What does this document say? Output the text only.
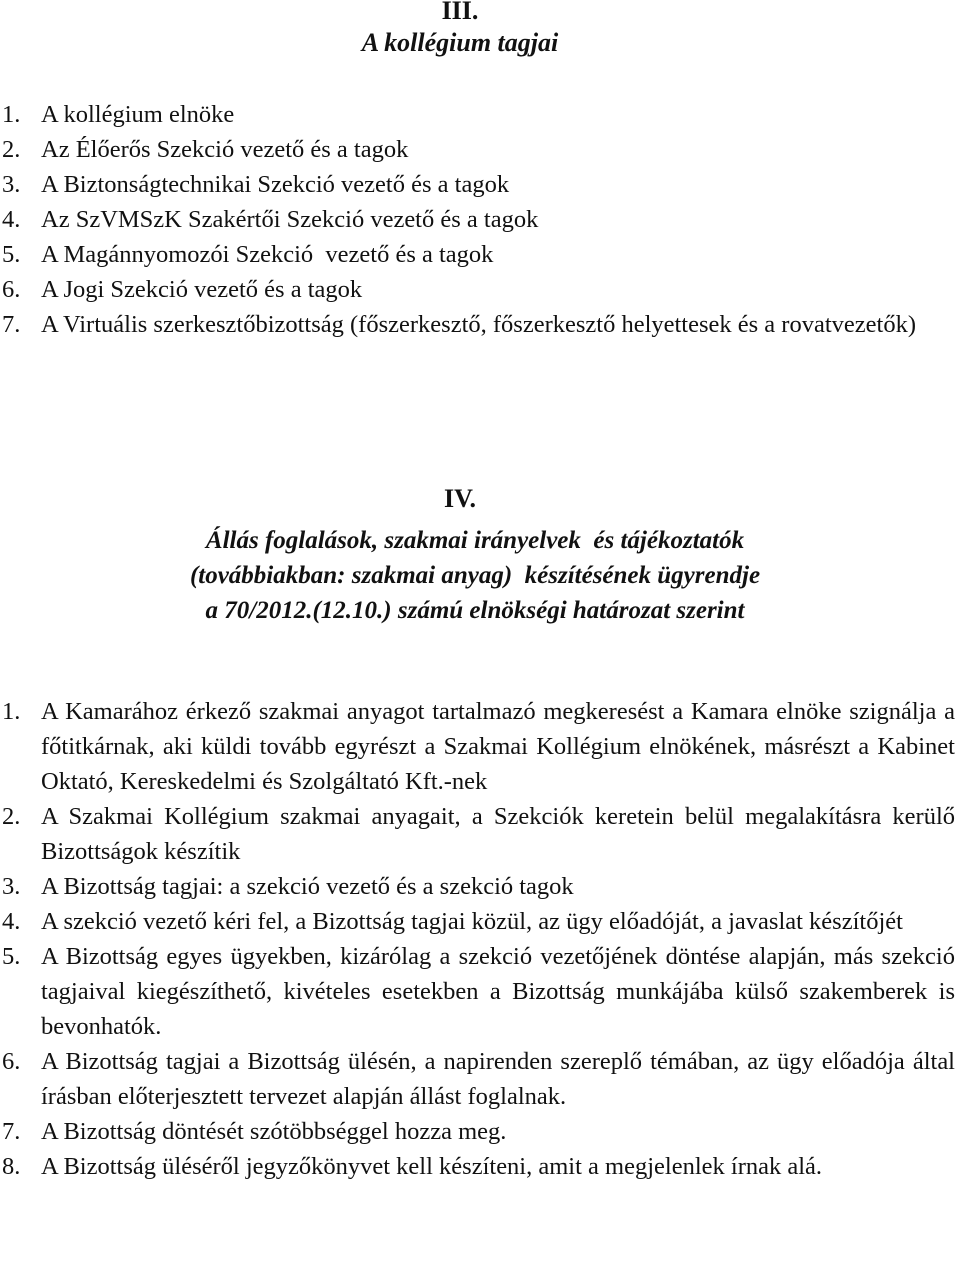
III.
A kollégium tagjai
1. A kollégium elnöke
2. Az Élőerős Szekció vezető és a tagok
3. A Biztonságtechnikai Szekció vezető és a tagok
4. Az SzVMSzK Szakértői Szekció vezető és a tagok
5. A Magánnyomozói Szekció  vezető és a tagok
6. A Jogi Szekció vezető és a tagok
7. A Virtuális szerkesztőbizottság (főszerkesztő, főszerkesztő helyettesek és a rovatvezetők)
IV.
Állás foglalások, szakmai irányelvek  és tájékoztatók
(továbbiakban: szakmai anyag)  készítésének ügyrendje
a 70/2012.(12.10.) számú elnökségi határozat szerint
1. A Kamarához érkező szakmai anyagot tartalmazó megkeresést a Kamara elnöke szignálja a főtitkárnak, aki küldi tovább egyrészt a Szakmai Kollégium elnökének, másrészt a Kabinet Oktató, Kereskedelmi és Szolgáltató Kft.-nek
2. A Szakmai Kollégium szakmai anyagait, a Szekciók keretein belül megalakításra kerülő Bizottságok készítik
3. A Bizottság tagjai: a szekció vezető és a szekció tagok
4. A szekció vezető kéri fel, a Bizottság tagjai közül, az ügy előadóját, a javaslat készítőjét
5. A Bizottság egyes ügyekben, kizárólag a szekció vezetőjének döntése alapján, más szekció tagjaival kiegészíthető, kivételes esetekben a Bizottság munkájába külső szakemberek is bevonhatók.
6. A Bizottság tagjai a Bizottság ülésén, a napirenden szereplő témában, az ügy előadója által írásban előterjesztett tervezet alapján állást foglalnak.
7. A Bizottság döntését szótöbbséggel hozza meg.
8. A Bizottság üléséről jegyzőkönyvet kell készíteni, amit a megjelenlek írnak alá.
